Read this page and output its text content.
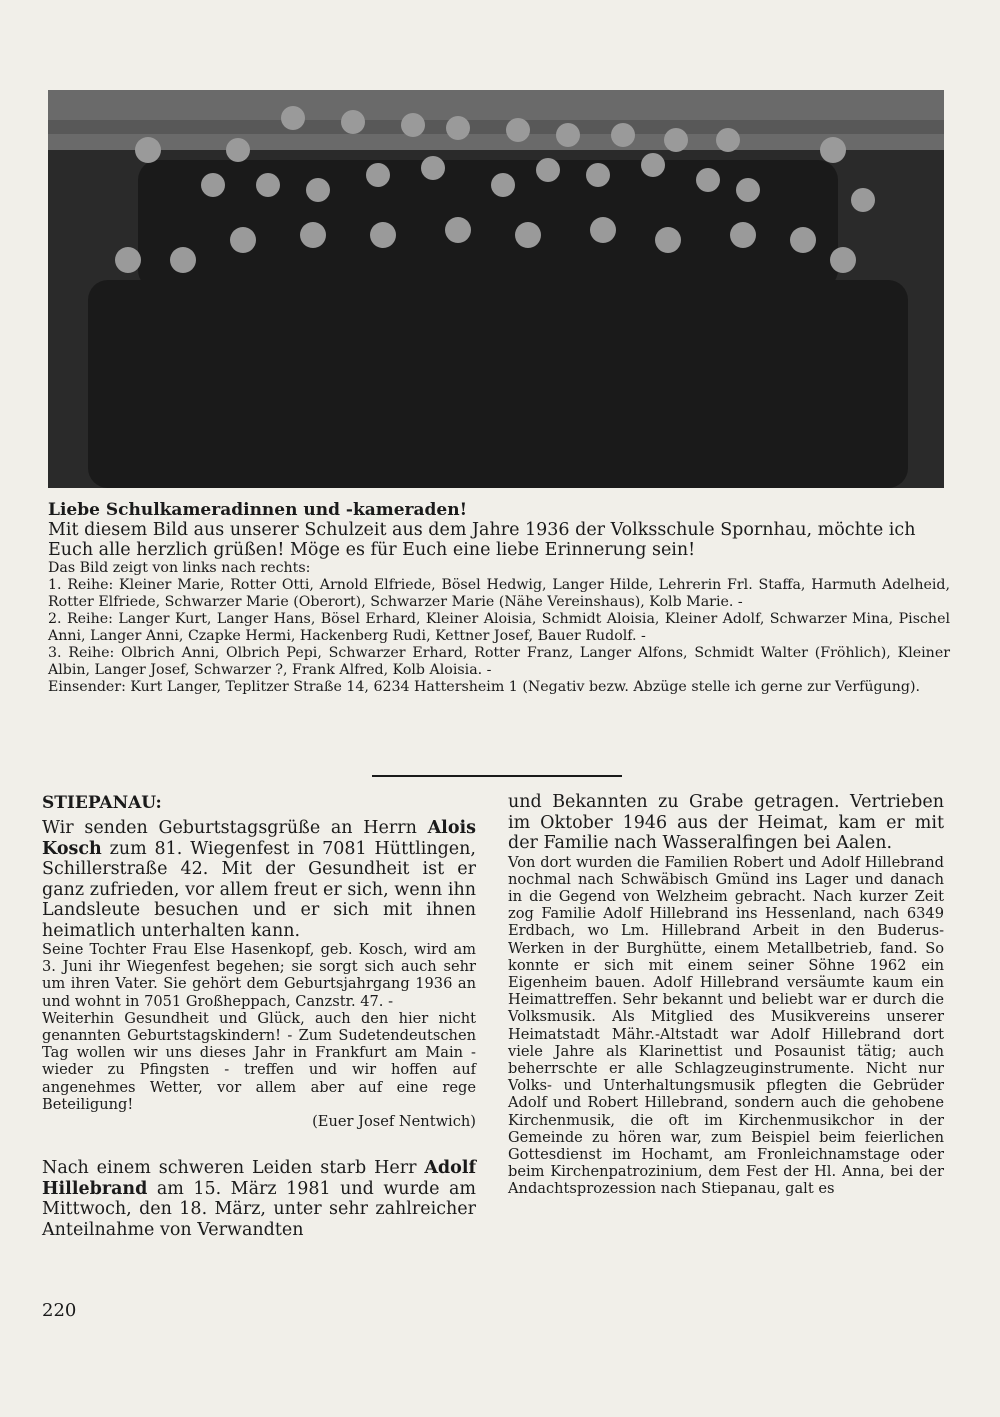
Liebe Schulkameradinnen und -kameraden!

Mit diesem Bild aus unserer Schulzeit aus dem Jahre 1936 der Volksschule Spornhau, möchte ich Euch alle herzlich grüßen! Möge es für Euch eine liebe Erinnerung sein!

Das Bild zeigt von links nach rechts:

1. Reihe: Kleiner Marie, Rotter Otti, Arnold Elfriede, Bösel Hedwig, Langer Hilde, Lehrerin Frl. Staffa, Harmuth Adelheid, Rotter Elfriede, Schwarzer Marie (Oberort), Schwarzer Marie (Nähe Vereinshaus), Kolb Marie. -

2. Reihe: Langer Kurt, Langer Hans, Bösel Erhard, Kleiner Aloisia, Schmidt Aloisia, Kleiner Adolf, Schwarzer Mina, Pischel Anni, Langer Anni, Czapke Hermi, Hackenberg Rudi, Kettner Josef, Bauer Rudolf. -

3. Reihe: Olbrich Anni, Olbrich Pepi, Schwarzer Erhard, Rotter Franz, Langer Alfons, Schmidt Walter (Fröhlich), Kleiner Albin, Langer Josef, Schwarzer ?, Frank Alfred, Kolb Aloisia. -

Einsender: Kurt Langer, Teplitzer Straße 14, 6234 Hattersheim 1 (Negativ bezw. Abzüge stelle ich gerne zur Verfügung).

STIEPANAU:

Wir senden Geburtstagsgrüße an Herrn Alois Kosch zum 81. Wiegenfest in 7081 Hüttlingen, Schillerstraße 42. Mit der Gesundheit ist er ganz zufrieden, vor allem freut er sich, wenn ihn Landsleute besuchen und er sich mit ihnen heimatlich unterhalten kann.

Seine Tochter Frau Else Hasenkopf, geb. Kosch, wird am 3. Juni ihr Wiegenfest begehen; sie sorgt sich auch sehr um ihren Vater. Sie gehört dem Geburtsjahrgang 1936 an und wohnt in 7051 Großheppach, Canzstr. 47. -

Weiterhin Gesundheit und Glück, auch den hier nicht genannten Geburtstagskindern! - Zum Sudetendeutschen Tag wollen wir uns dieses Jahr in Frankfurt am Main - wieder zu Pfingsten - treffen und wir hoffen auf angenehmes Wetter, vor allem aber auf eine rege Beteiligung!

(Euer Josef Nentwich)

Nach einem schweren Leiden starb Herr Adolf Hillebrand am 15. März 1981 und wurde am Mittwoch, den 18. März, unter sehr zahlreicher Anteilnahme von Verwandten

und Bekannten zu Grabe getragen. Vertrieben im Oktober 1946 aus der Heimat, kam er mit der Familie nach Wasseralfingen bei Aalen.

Von dort wurden die Familien Robert und Adolf Hillebrand nochmal nach Schwäbisch Gmünd ins Lager und danach in die Gegend von Welzheim gebracht. Nach kurzer Zeit zog Familie Adolf Hillebrand ins Hessenland, nach 6349 Erdbach, wo Lm. Hillebrand Arbeit in den Buderus-Werken in der Burghütte, einem Metallbetrieb, fand. So konnte er sich mit einem seiner Söhne 1962 ein Eigenheim bauen. Adolf Hillebrand versäumte kaum ein Heimattreffen. Sehr bekannt und beliebt war er durch die Volksmusik. Als Mitglied des Musikvereins unserer Heimatstadt Mähr.-Altstadt war Adolf Hillebrand dort viele Jahre als Klarinettist und Posaunist tätig; auch beherrschte er alle Schlagzeuginstrumente. Nicht nur Volks- und Unterhaltungsmusik pflegten die Gebrüder Adolf und Robert Hillebrand, sondern auch die gehobene Kirchenmusik, die oft im Kirchenmusikchor in der Gemeinde zu hören war, zum Beispiel beim feierlichen Gottesdienst im Hochamt, am Fronleichnamstage oder beim Kirchenpatrozinium, dem Fest der Hl. Anna, bei der Andachtsprozession nach Stiepanau, galt es

220
